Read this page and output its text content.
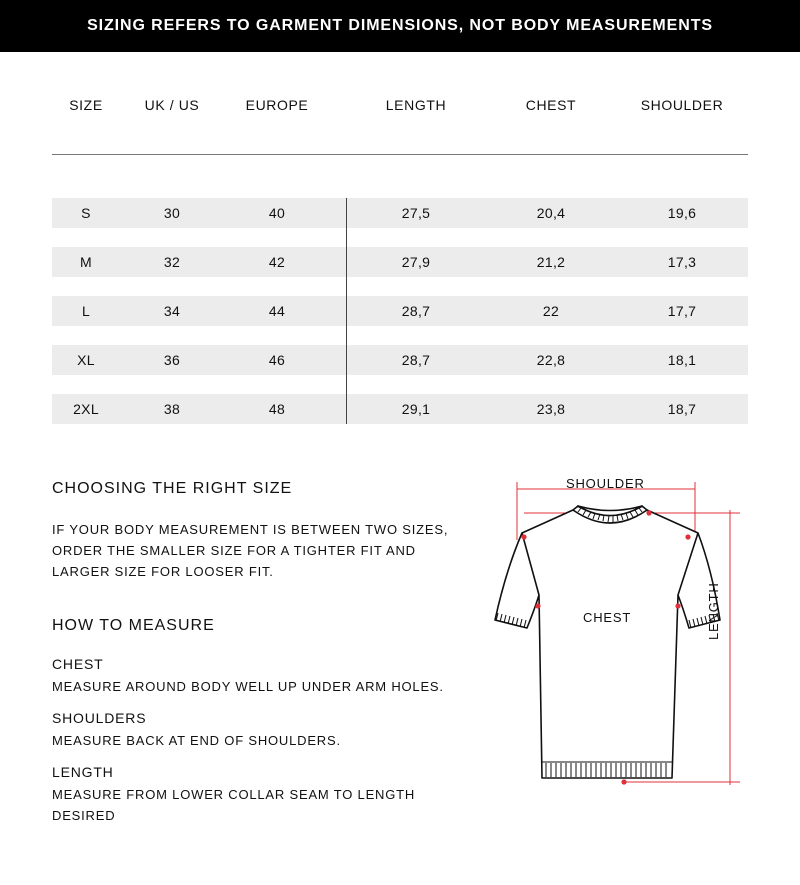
SIZING REFERS TO GARMENT DIMENSIONS, NOT BODY MEASUREMENTS
SIZE	UK / US	EUROPE	LENGTH	CHEST	SHOULDER
S	30	40	27,5	20,4	19,6
M	32	42	27,9	21,2	17,3
L	34	44	28,7	22	17,7
XL	36	46	28,7	22,8	18,1
2XL	38	48	29,1	23,8	18,7
CHOOSING THE RIGHT SIZE

IF YOUR BODY MEASUREMENT IS BETWEEN TWO SIZES,
ORDER THE SMALLER SIZE FOR A TIGHTER FIT AND
LARGER SIZE FOR LOOSER FIT.

HOW TO MEASURE
CHEST

MEASURE AROUND BODY WELL UP UNDER ARM HOLES.

SHOULDERS

MEASURE BACK AT END OF SHOULDERS.

LENGTH

MEASURE FROM LOWER COLLAR SEAM TO LENGTH
DESIRED

SHOULDER
CHEST	LENGTH
